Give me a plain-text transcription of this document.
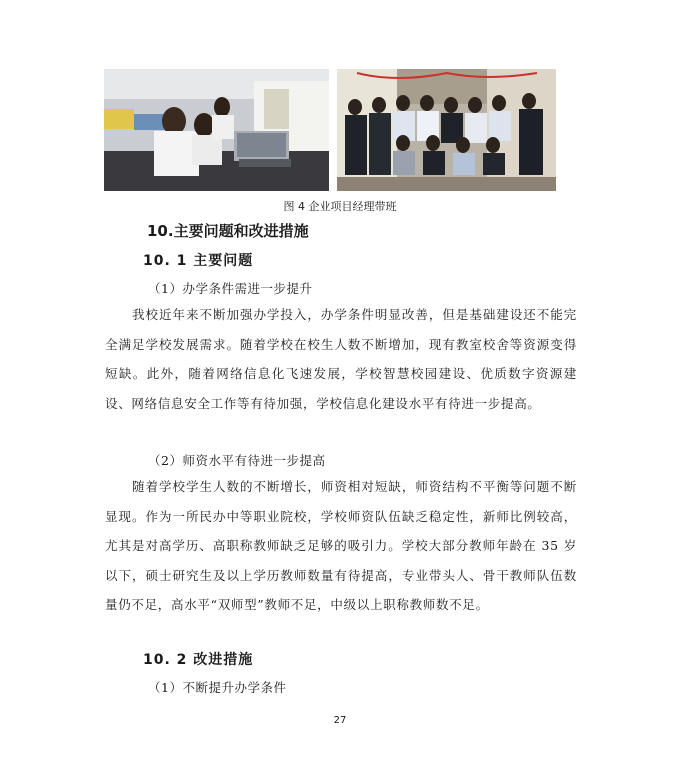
图 4 企业项目经理带班
10.主要问题和改进措施
10. 1 主要问题
（1）办学条件需进一步提升

我校近年来不断加强办学投入，办学条件明显改善，但是基础建设还不能完全满足学校发展需求。随着学校在校生人数不断增加，现有教室校舍等资源变得短缺。此外，随着网络信息化飞速发展，学校智慧校园建设、优质数字资源建设、网络信息安全工作等有待加强，学校信息化建设水平有待进一步提高。

（2）师资水平有待进一步提高

随着学校学生人数的不断增长，师资相对短缺，师资结构不平衡等问题不断显现。作为一所民办中等职业院校，学校师资队伍缺乏稳定性，新师比例较高，尤其是对高学历、高职称教师缺乏足够的吸引力。学校大部分教师年龄在 35 岁以下，硕士研究生及以上学历教师数量有待提高，专业带头人、骨干教师队伍数量仍不足，高水平“双师型”教师不足，中级以上职称教师数不足。

10. 2 改进措施
（1）不断提升办学条件
27
